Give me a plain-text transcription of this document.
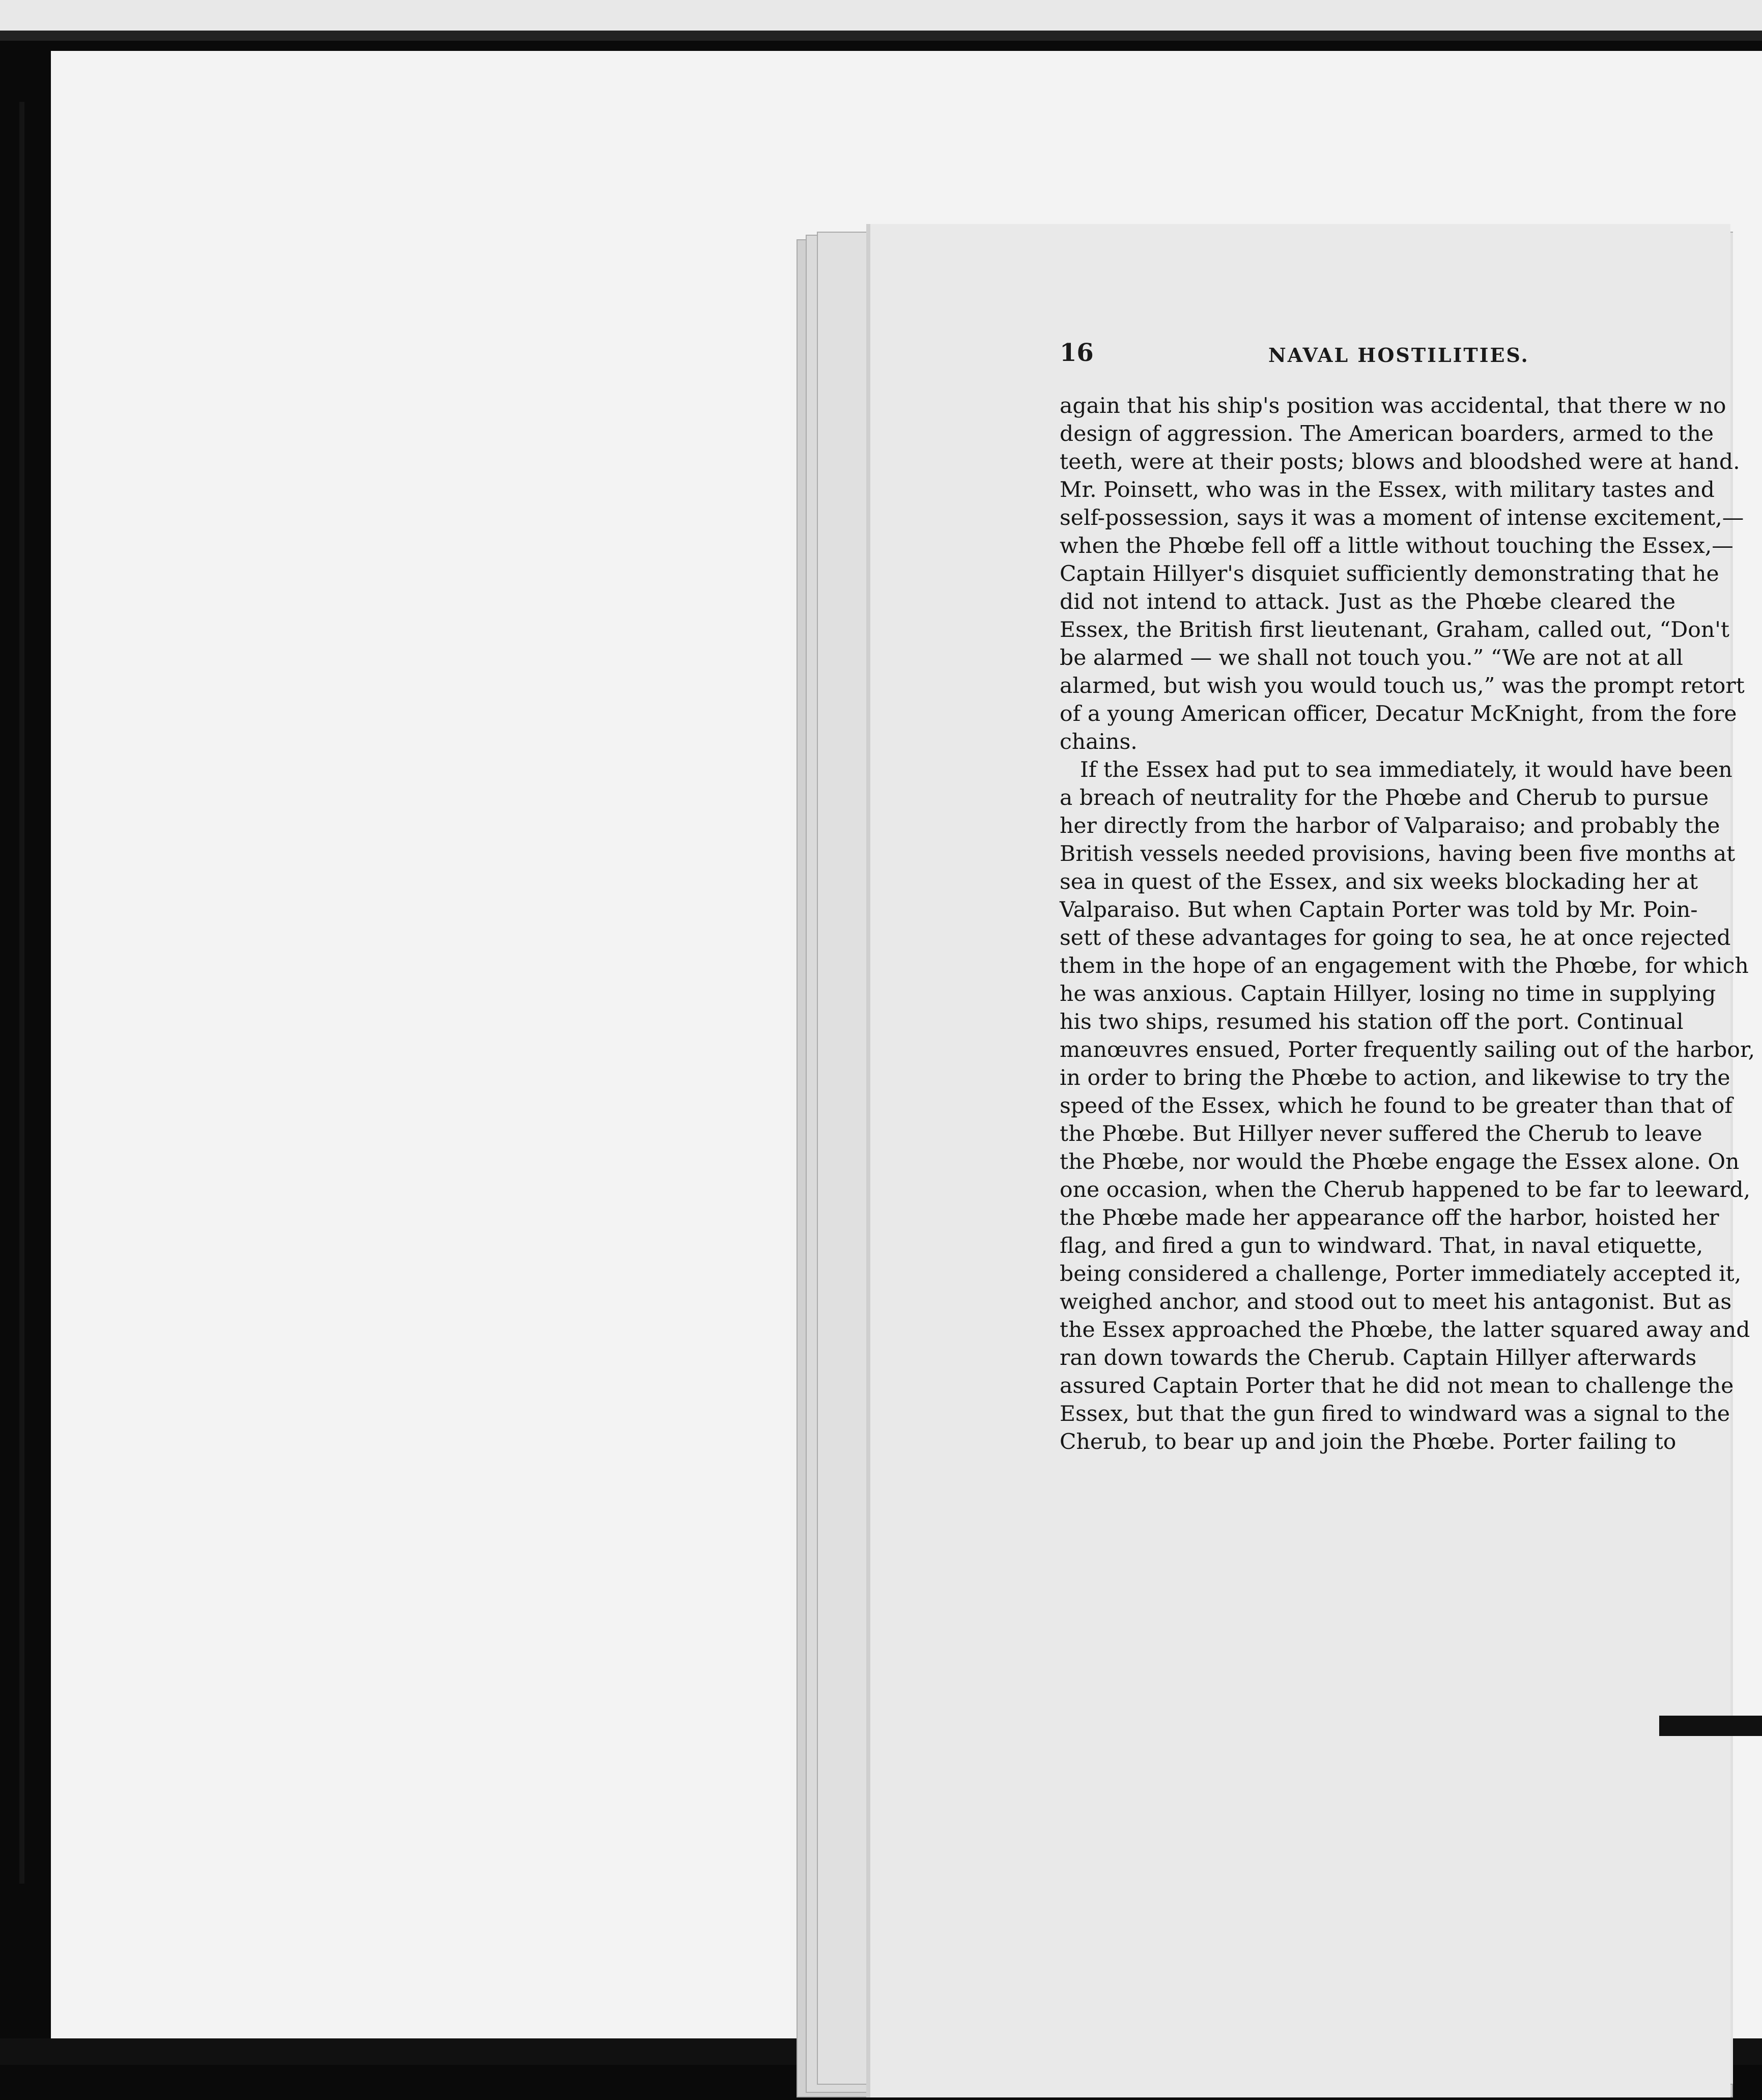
16	NAVAL HOSTILITIES.
again that his ship's position was accidental, that there w no
design of aggression. The American boarders, armed to the
teeth, were at their posts; blows and bloodshed were at hand.
Mr. Poinsett, who was in the Essex, with military tastes and
self-possession, says it was a moment of intense excitement,—
when the Phœbe fell off a little without touching the Essex,—
Captain Hillyer's disquiet sufficiently demonstrating that he
did not intend to attack. Just as the Phœbe cleared the
Essex, the British first lieutenant, Graham, called out, “Don't
be alarmed — we shall not touch you.” “We are not at all
alarmed, but wish you would touch us,” was the prompt retort
of a young American officer, Decatur McKnight, from the fore
chains.
If the Essex had put to sea immediately, it would have been
a breach of neutrality for the Phœbe and Cherub to pursue
her directly from the harbor of Valparaiso; and probably the
British vessels needed provisions, having been five months at
sea in quest of the Essex, and six weeks blockading her at
Valparaiso. But when Captain Porter was told by Mr. Poin-
sett of these advantages for going to sea, he at once rejected
them in the hope of an engagement with the Phœbe, for which
he was anxious. Captain Hillyer, losing no time in supplying
his two ships, resumed his station off the port. Continual
manœuvres ensued, Porter frequently sailing out of the harbor,
in order to bring the Phœbe to action, and likewise to try the
speed of the Essex, which he found to be greater than that of
the Phœbe. But Hillyer never suffered the Cherub to leave
the Phœbe, nor would the Phœbe engage the Essex alone. On
one occasion, when the Cherub happened to be far to leeward,
the Phœbe made her appearance off the harbor, hoisted her
flag, and fired a gun to windward. That, in naval etiquette,
being considered a challenge, Porter immediately accepted it,
weighed anchor, and stood out to meet his antagonist. But as
the Essex approached the Phœbe, the latter squared away and
ran down towards the Cherub. Captain Hillyer afterwards
assured Captain Porter that he did not mean to challenge the
Essex, but that the gun fired to windward was a signal to the
Cherub, to bear up and join the Phœbe. Porter failing to
